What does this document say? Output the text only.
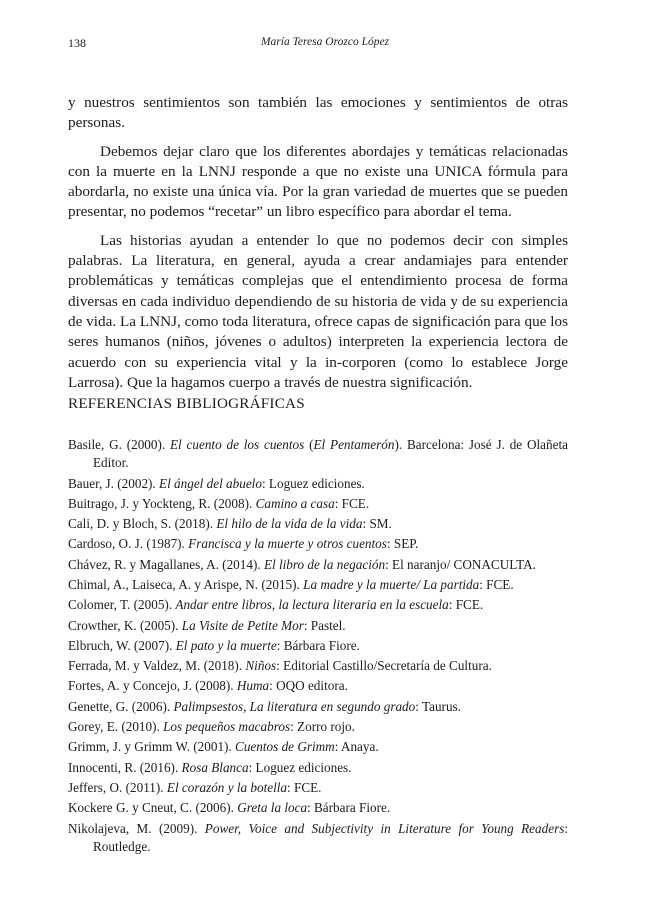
138	María Teresa Orozco López

y nuestros sentimientos son también las emociones y sentimientos de otras personas.

Debemos dejar claro que los diferentes abordajes y temáticas relacionadas con la muerte en la LNNJ responde a que no existe una UNICA fórmula para abordarla, no existe una única vía. Por la gran variedad de muertes que se pueden presentar, no podemos “recetar” un libro específico para abordar el tema.

Las historias ayudan a entender lo que no podemos decir con simples palabras. La literatura, en general, ayuda a crear andamiajes para entender problemáticas y temáticas complejas que el entendimiento procesa de forma diversas en cada individuo dependiendo de su historia de vida y de su experiencia de vida. La LNNJ, como toda literatura, ofrece capas de significación para que los seres humanos (niños, jóvenes o adultos) interpreten la experiencia lectora de acuerdo con su experiencia vital y la in-corporen (como lo establece Jorge Larrosa). Que la hagamos cuerpo a través de nuestra significación.

REFERENCIAS BIBLIOGRÁFICAS
Basile, G. (2000). El cuento de los cuentos (El Pentamerón). Barcelona: José J. de Olañeta Editor.
Bauer, J. (2002). El ángel del abuelo: Loguez ediciones.
Buitrago, J. y Yockteng, R. (2008). Camino a casa: FCE.
Cali, D. y Bloch, S. (2018). El hilo de la vida de la vida: SM.
Cardoso, O. J. (1987). Francisca y la muerte y otros cuentos: SEP.
Chávez, R. y Magallanes, A. (2014). El libro de la negación: El naranjo/ CONACULTA.
Chimal, A., Laiseca, A. y Arispe, N. (2015). La madre y la muerte/ La partida: FCE.
Colomer, T. (2005). Andar entre libros, la lectura literaria en la escuela: FCE.
Crowther, K. (2005). La Visite de Petite Mor: Pastel.
Elbruch, W. (2007). El pato y la muerte: Bárbara Fiore.
Ferrada, M. y Valdez, M. (2018). Niños: Editorial Castillo/Secretaría de Cultura.
Fortes, A. y Concejo, J. (2008). Huma: OQO editora.
Genette, G. (2006). Palimpsestos, La literatura en segundo grado: Taurus.
Gorey, E. (2010). Los pequeños macabros: Zorro rojo.
Grimm, J. y Grimm W. (2001). Cuentos de Grimm: Anaya.
Innocenti, R. (2016). Rosa Blanca: Loguez ediciones.
Jeffers, O. (2011). El corazón y la botella: FCE.
Kockere G. y Cneut, C. (2006). Greta la loca: Bárbara Fiore.
Nikolajeva, M. (2009). Power, Voice and Subjectivity in Literature for Young Readers: Routledge.
